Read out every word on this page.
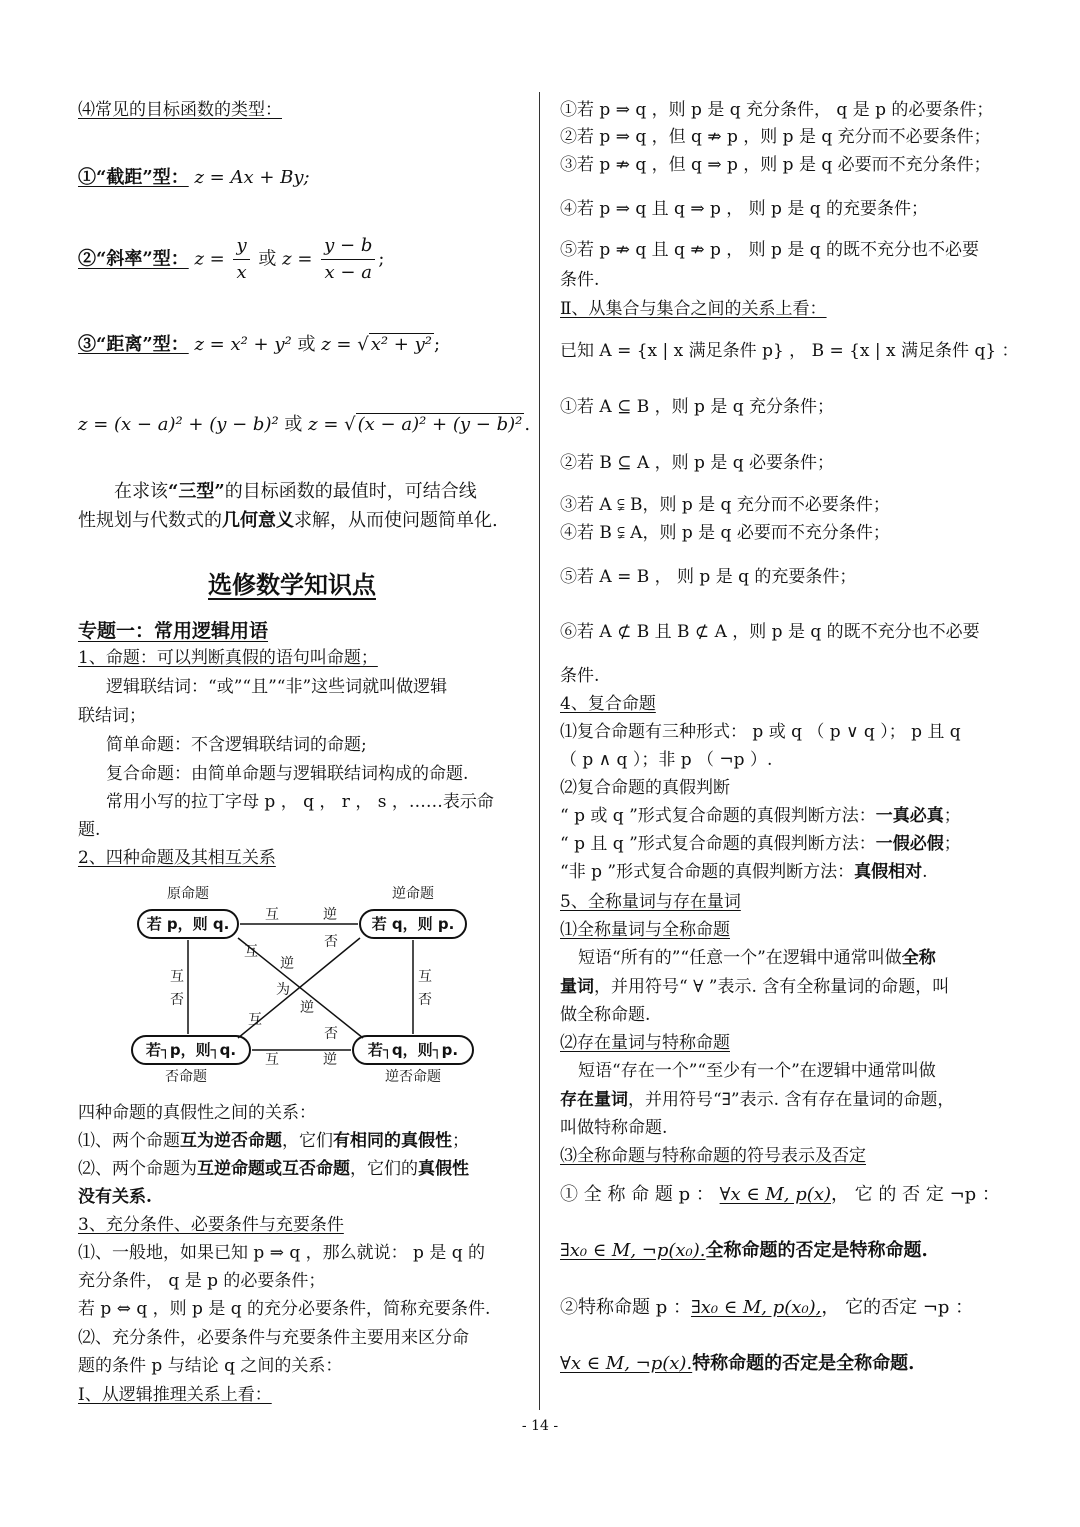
⑷常见的目标函数的类型：
①“截距”型： z = Ax + By;
②“斜率”型： $z = \frac{y}{x}$ 或 $z = \frac{y - b}{x - a}$ ;
③“距离”型： z = x² + y² 或 z = √ x² + y² ;
z = (x − a)² + (y − b)² 或 z = √ (x − a)² + (y − b)² .
在求该“三型”的目标函数的最值时，可结合线
性规划与代数式的几何意义求解，从而使问题简单化.
选修数学知识点
专题一：常用逻辑用语
1、命题：可以判断真假的语句叫命题；
逻辑联结词：“或”“且”“非”这些词就叫做逻辑
联结词；
简单命题：不含逻辑联结词的命题;
复合命题：由简单命题与逻辑联结词构成的命题.
常用小写的拉丁字母 p ， q ， r ， s ，……表示命
题.
2、四种命题及其相互关系
若 p，则 q.	若 q，则 p.
若┐p，则┐q.	若┐q，则┐p.
原命题	逆命题
否命题	逆否命题
互	逆
互	逆
互
否
互
否
互
逆
否
为
逆
互
否
四种命题的真假性之间的关系：
⑴、两个命题互为逆否命题，它们有相同的真假性；
⑵、两个命题为互逆命题或互否命题，它们的真假性
没有关系.
3、充分条件、必要条件与充要条件
⑴、一般地，如果已知 p ⇒ q ，那么就说： p 是 q 的
充分条件， q 是 p 的必要条件；
若 p ⇔ q ，则 p 是 q 的充分必要条件，简称充要条件.
⑵、充分条件，必要条件与充要条件主要用来区分命
题的条件 p 与结论 q 之间的关系：
Ⅰ、从逻辑推理关系上看：
①若 p ⇒ q ，则 p 是 q 充分条件， q 是 p 的必要条件；
②若 p ⇒ q ，但 q ⇏ p ，则 p 是 q 充分而不必要条件；
③若 p ⇏ q ，但 q ⇒ p ，则 p 是 q 必要而不充分条件；
④若 p ⇒ q 且 q ⇒ p ， 则 p 是 q 的充要条件；
⑤若 p ⇏ q 且 q ⇏ p ， 则 p 是 q 的既不充分也不必要
条件.
Ⅱ、从集合与集合之间的关系上看：
已知 A = {x | x 满足条件 p} ， B = {x | x 满足条件 q} ：
①若 A ⊆ B ，则 p 是 q 充分条件；
②若 B ⊆ A ，则 p 是 q 必要条件；
③若 A ⫋ B，则 p 是 q 充分而不必要条件；
④若 B ⫋ A，则 p 是 q 必要而不充分条件；
⑤若 A = B ， 则 p 是 q 的充要条件；
⑥若 A ⊄ B 且 B ⊄ A ，则 p 是 q 的既不充分也不必要
条件.
4、复合命题
⑴复合命题有三种形式： p 或 q （ p ∨ q ）； p 且 q
（ p ∧ q ）；非 p （ ¬p ）.
⑵复合命题的真假判断
“ p 或 q ”形式复合命题的真假判断方法：一真必真；
“ p 且 q ”形式复合命题的真假判断方法：一假必假；
“非 p ”形式复合命题的真假判断方法：真假相对.
5、全称量词与存在量词
⑴全称量词与全称命题
短语“所有的”“任意一个”在逻辑中通常叫做全称
量词，并用符号“ ∀ ”表示. 含有全称量词的命题，叫
做全称命题.
⑵存在量词与特称命题
短语“存在一个”“至少有一个”在逻辑中通常叫做
存在量词，并用符号“∃”表示. 含有存在量词的命题，
叫做特称命题.
⑶全称命题与特称命题的符号表示及否定
① 全 称 命 题 p ： ∀x ∈ M, p(x)， 它 的 否 定 ¬p ：
∃x₀ ∈ M, ¬p(x₀).全称命题的否定是特称命题.
②特称命题 p ：∃x₀ ∈ M, p(x₀),， 它的否定 ¬p ：
∀x ∈ M, ¬p(x).特称命题的否定是全称命题.
- 14 -
